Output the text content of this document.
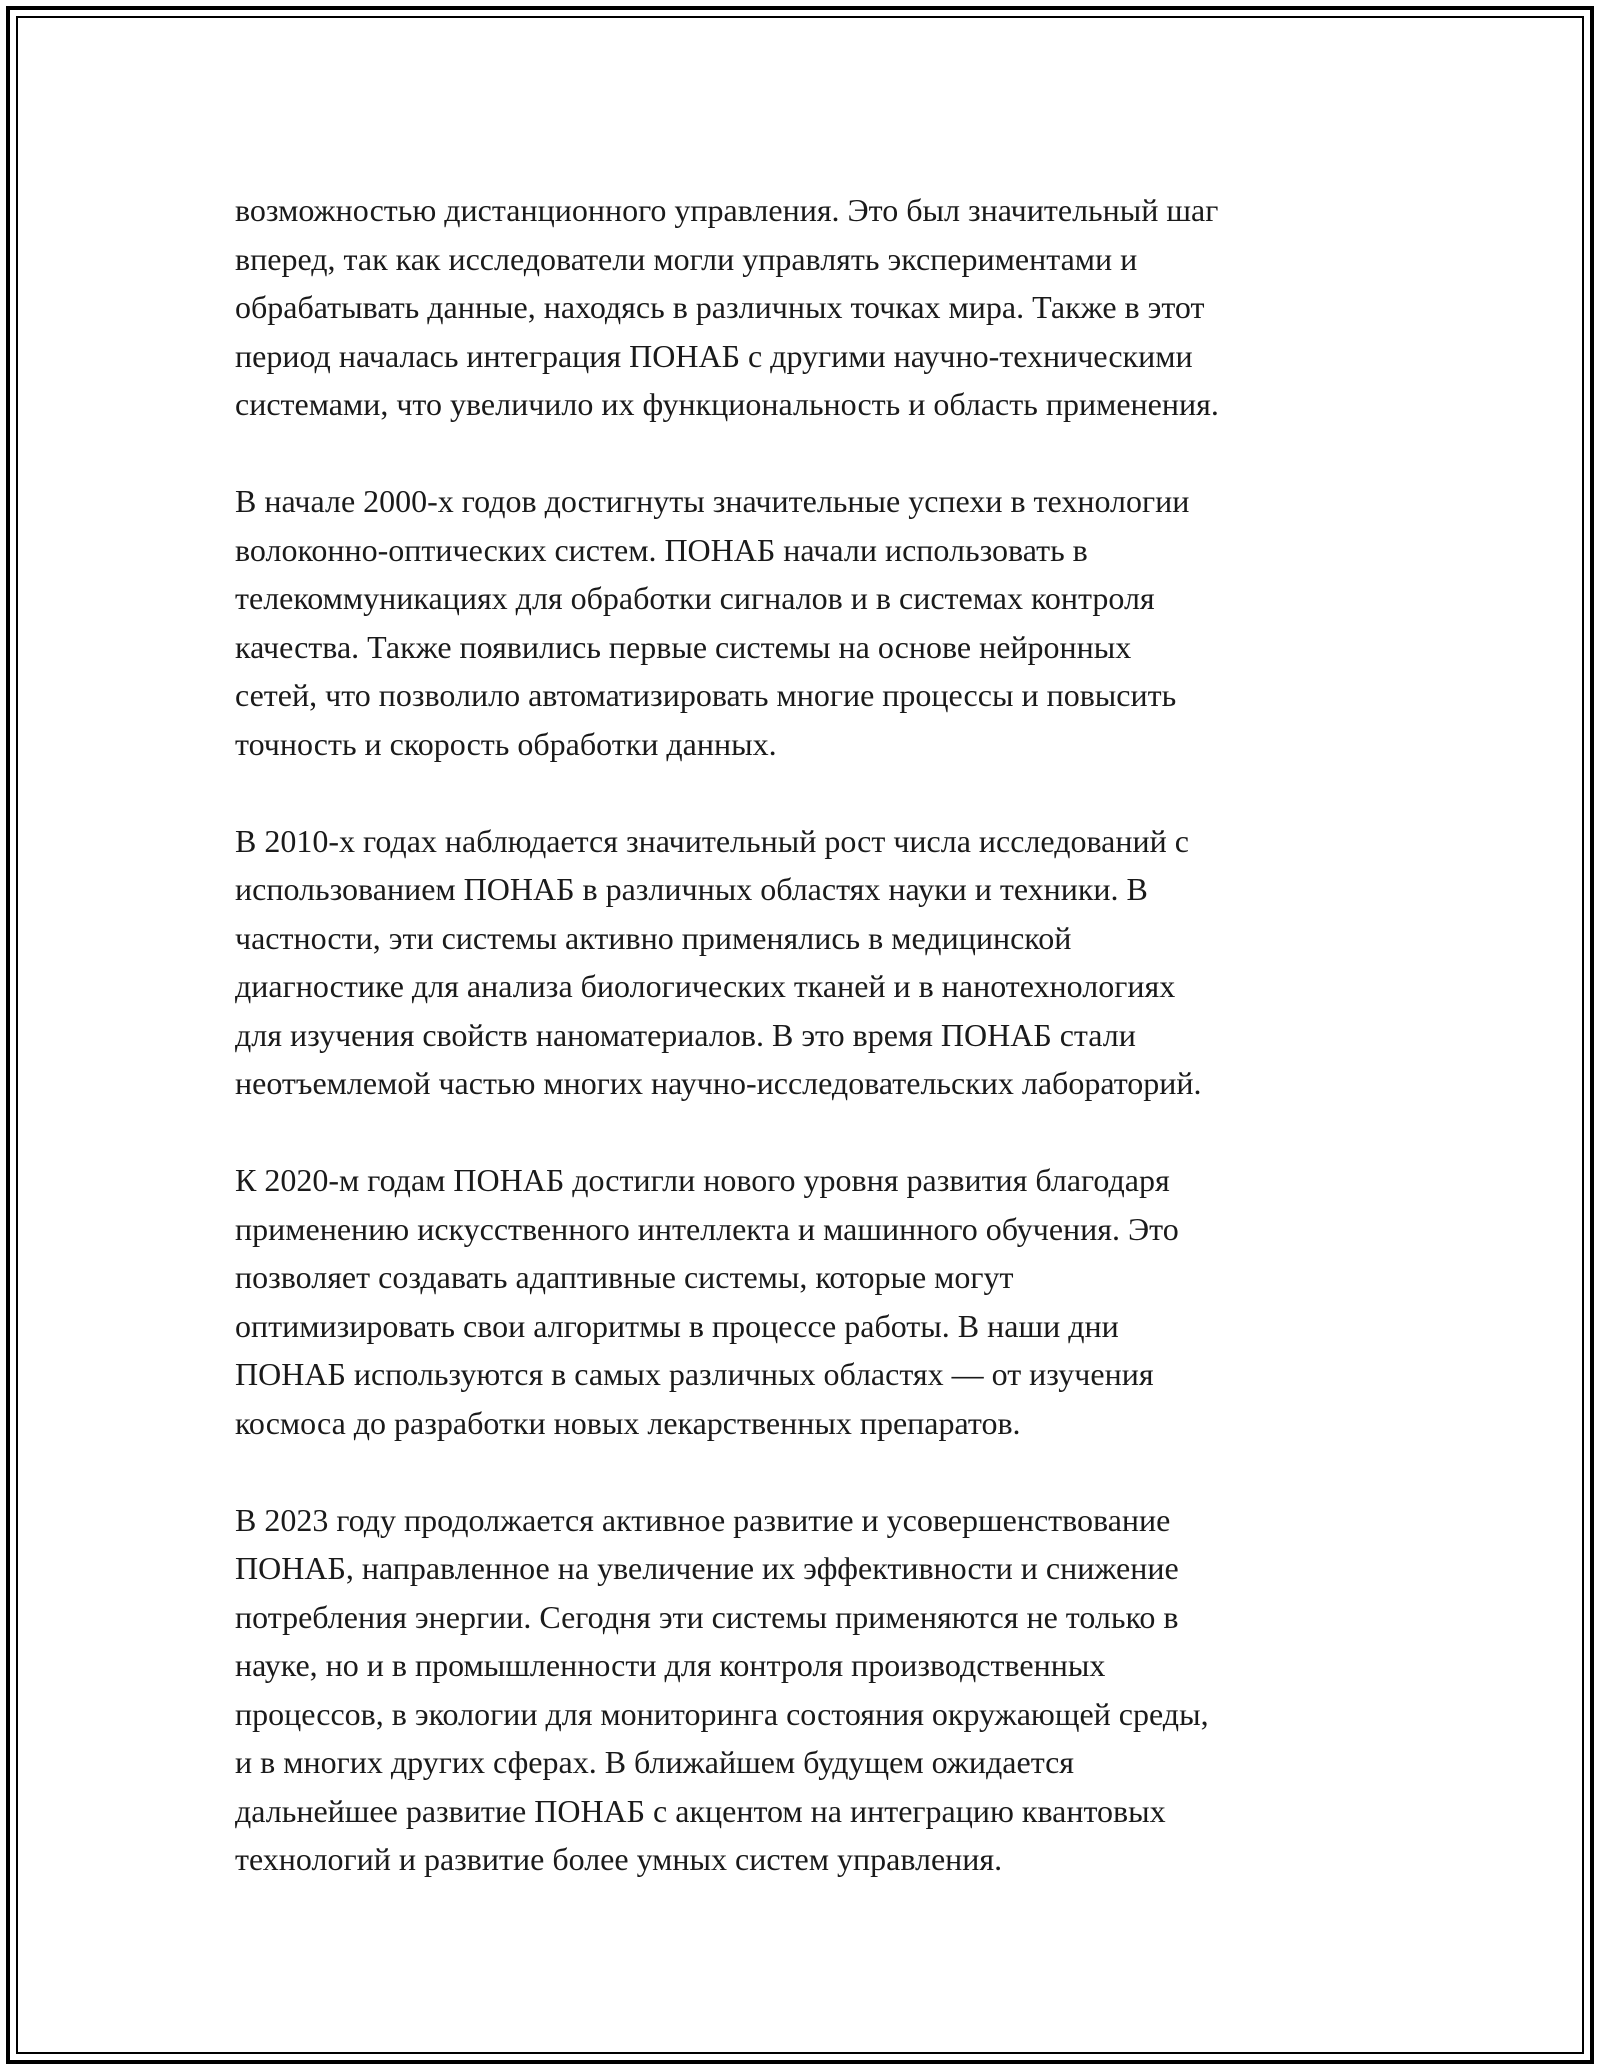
возможностью дистанционного управления. Это был значительный шаг
вперед, так как исследователи могли управлять экспериментами и
обрабатывать данные, находясь в различных точках мира. Также в этот
период началась интеграция ПОНАБ с другими научно-техническими
системами, что увеличило их функциональность и область применения.

В начале 2000-х годов достигнуты значительные успехи в технологии
волоконно-оптических систем. ПОНАБ начали использовать в
телекоммуникациях для обработки сигналов и в системах контроля
качества. Также появились первые системы на основе нейронных
сетей, что позволило автоматизировать многие процессы и повысить
точность и скорость обработки данных.

В 2010-х годах наблюдается значительный рост числа исследований с
использованием ПОНАБ в различных областях науки и техники. В
частности, эти системы активно применялись в медицинской
диагностике для анализа биологических тканей и в нанотехнологиях
для изучения свойств наноматериалов. В это время ПОНАБ стали
неотъемлемой частью многих научно-исследовательских лабораторий.

К 2020-м годам ПОНАБ достигли нового уровня развития благодаря
применению искусственного интеллекта и машинного обучения. Это
позволяет создавать адаптивные системы, которые могут
оптимизировать свои алгоритмы в процессе работы. В наши дни
ПОНАБ используются в самых различных областях — от изучения
космоса до разработки новых лекарственных препаратов.

В 2023 году продолжается активное развитие и усовершенствование
ПОНАБ, направленное на увеличение их эффективности и снижение
потребления энергии. Сегодня эти системы применяются не только в
науке, но и в промышленности для контроля производственных
процессов, в экологии для мониторинга состояния окружающей среды,
и в многих других сферах. В ближайшем будущем ожидается
дальнейшее развитие ПОНАБ с акцентом на интеграцию квантовых
технологий и развитие более умных систем управления.
